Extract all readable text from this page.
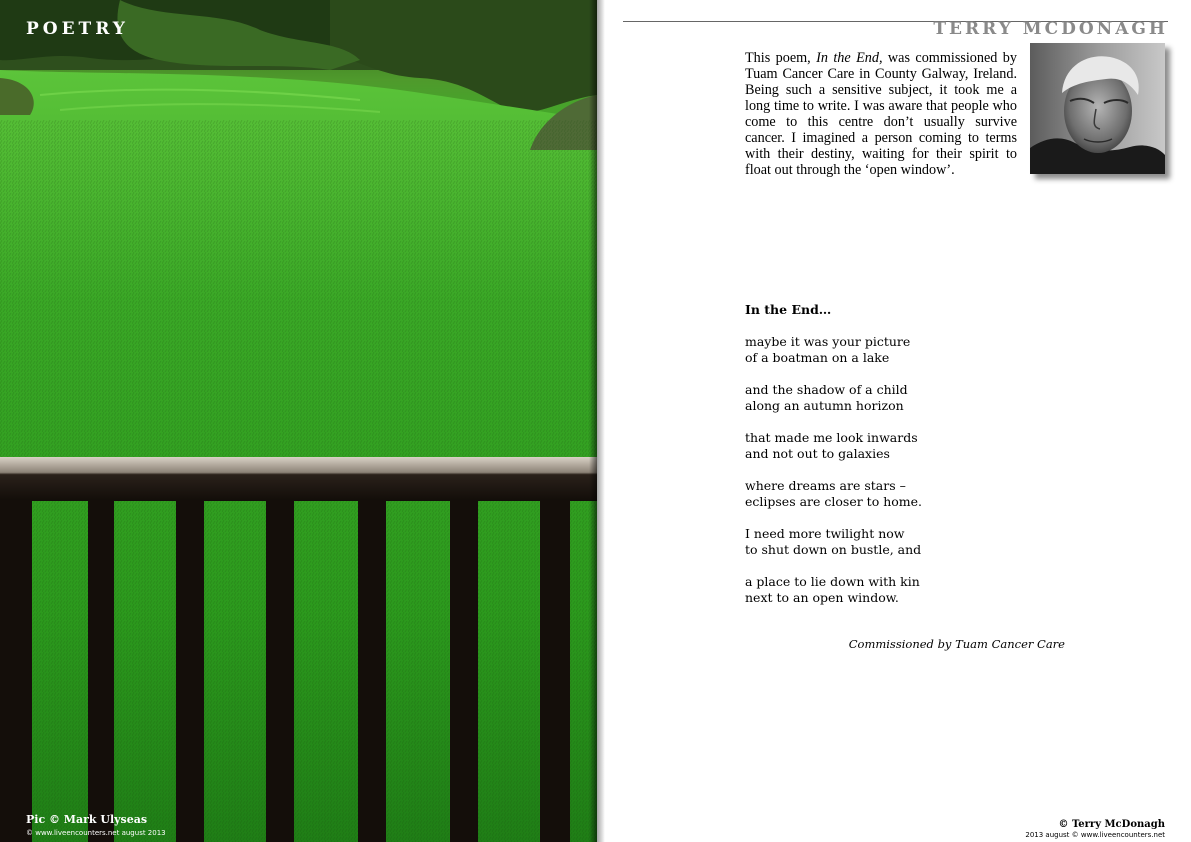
POETRY

Pic © Mark Ulyseas

© www.liveencounters.net august 2013

TERRY MCDONAGH

This poem, In the End, was commissioned by Tuam Cancer Care in County Galway, Ireland. Being such a sensitive subject, it took me a long time to write. I was aware that people who come to this centre don’t usually survive cancer. I imagined a person coming to terms with their destiny, waiting for their spirit to float out through the ‘open window’.

In the End…

maybe it was your picture
of a boatman on a lake
and the shadow of a child
along an autumn horizon
that made me look inwards
and not out to galaxies
where dreams are stars –
eclipses are closer to home.
I need more twilight now
to shut down on bustle, and
a place to lie down with kin
next to an open window.

Commissioned by Tuam Cancer Care

© Terry McDonagh

2013 august © www.liveencounters.net
